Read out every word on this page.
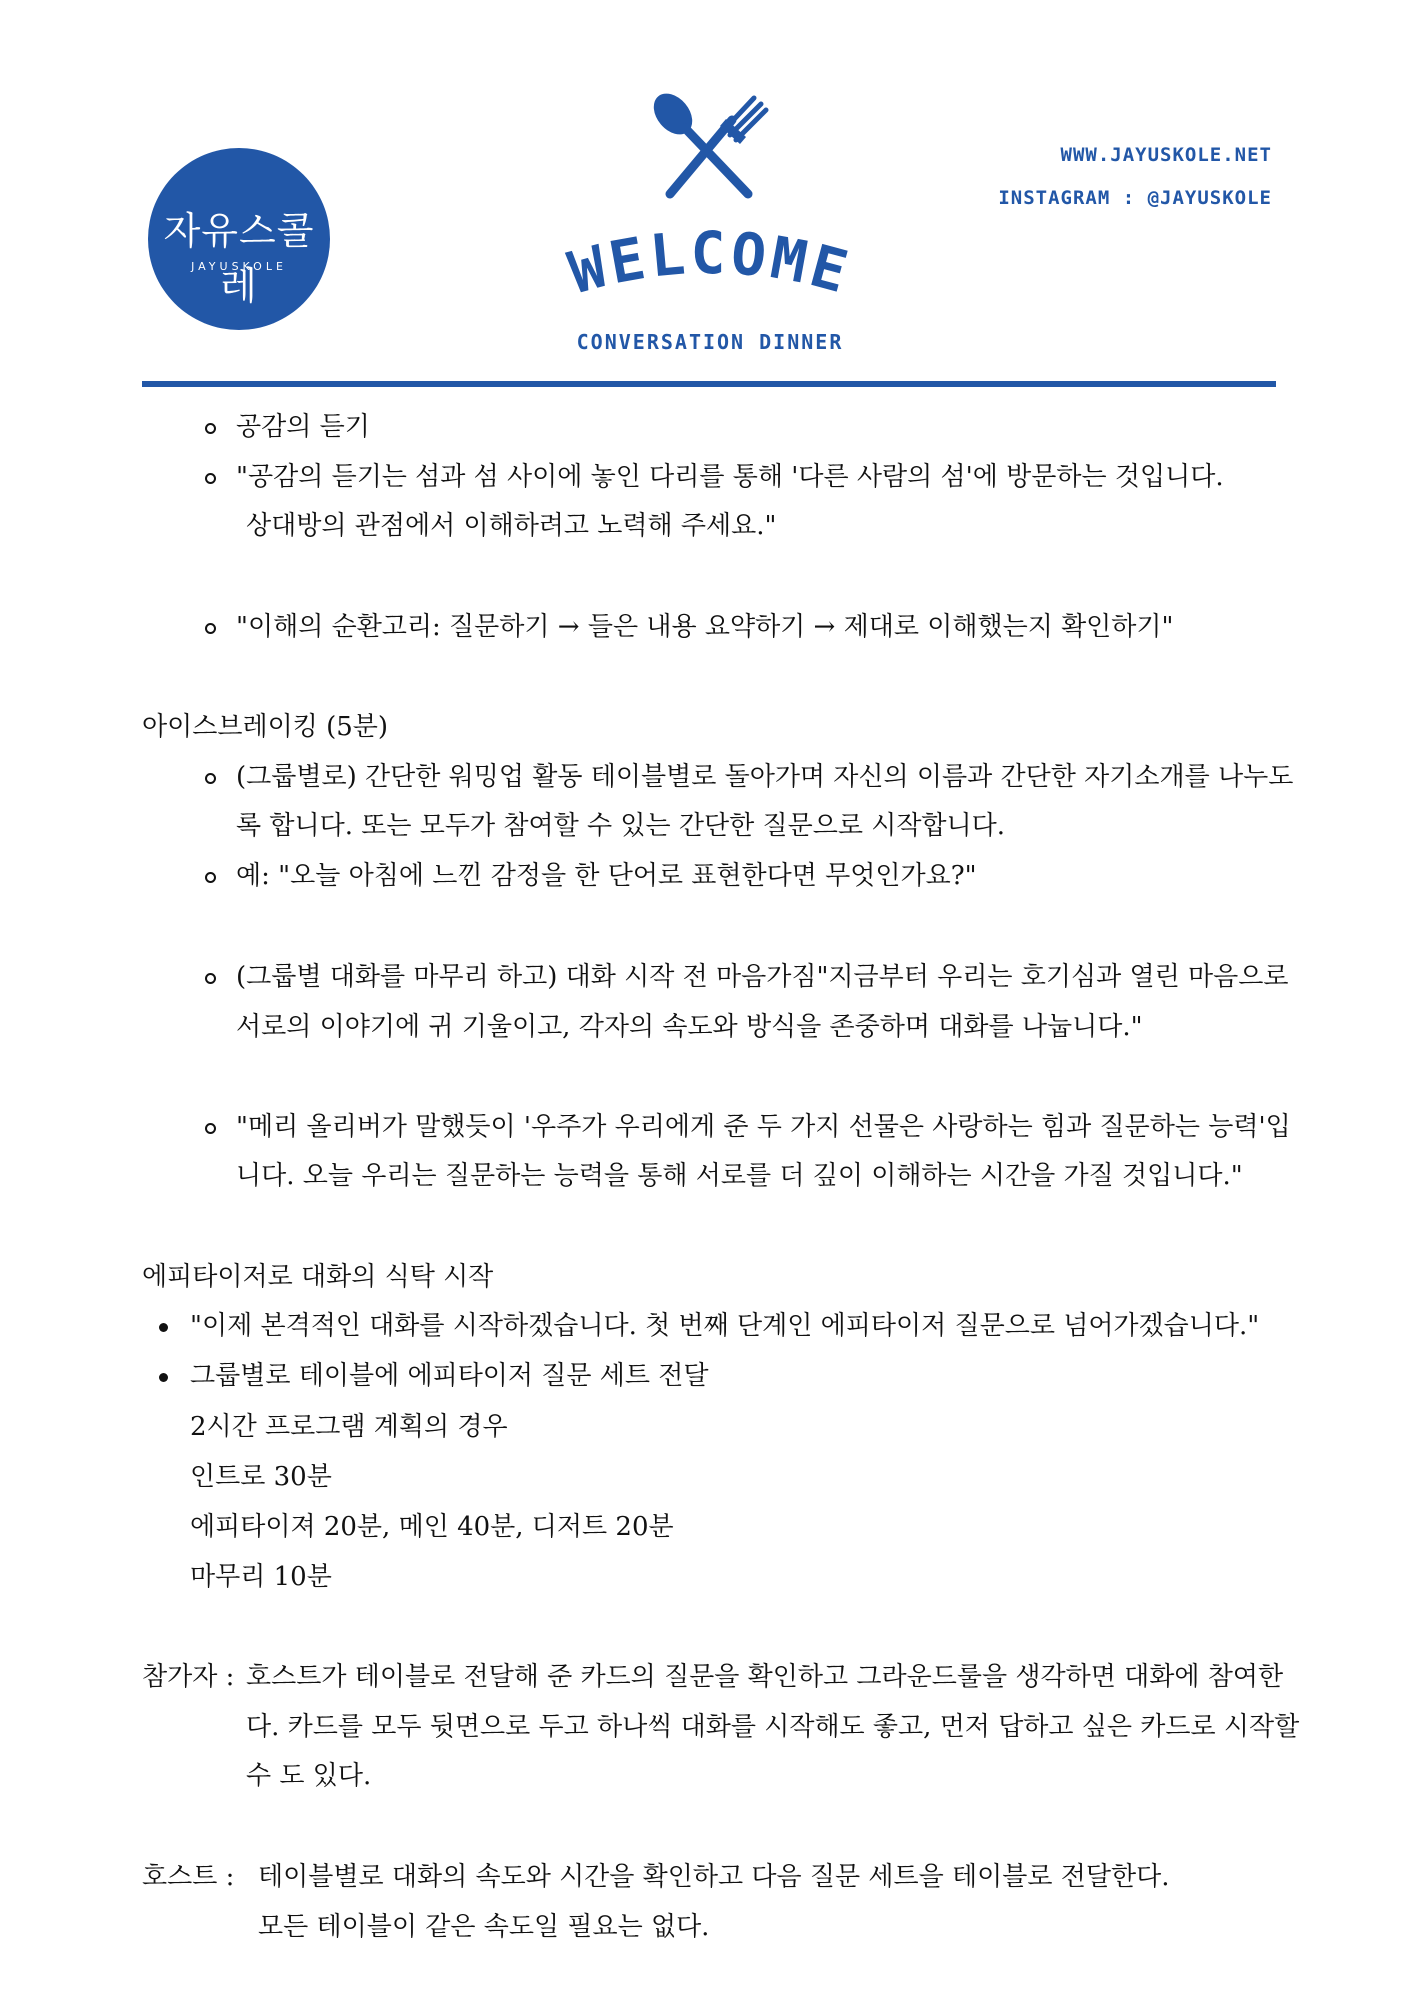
자유스콜레
JAYUSKOLE	WELCOME
CONVERSATION DINNER
WWW.JAYUSKOLE.NET
INSTAGRAM : @JAYUSKOLE
공감의 듣기
"공감의 듣기는 섬과 섬 사이에 놓인 다리를 통해 '다른 사람의 섬'에 방문하는 것입니다.
상대방의 관점에서 이해하려고 노력해 주세요."
"이해의 순환고리: 질문하기 → 들은 내용 요약하기 → 제대로 이해했는지 확인하기"
아이스브레이킹 (5분)
(그룹별로) 간단한 워밍업 활동 테이블별로 돌아가며 자신의 이름과 간단한 자기소개를 나누도
록 합니다. 또는 모두가 참여할 수 있는 간단한 질문으로 시작합니다.
예: "오늘 아침에 느낀 감정을 한 단어로 표현한다면 무엇인가요?"
(그룹별 대화를 마무리 하고) 대화 시작 전 마음가짐"지금부터 우리는 호기심과 열린 마음으로
서로의 이야기에 귀 기울이고, 각자의 속도와 방식을 존중하며 대화를 나눕니다."
"메리 올리버가 말했듯이 '우주가 우리에게 준 두 가지 선물은 사랑하는 힘과 질문하는 능력'입
니다. 오늘 우리는 질문하는 능력을 통해 서로를 더 깊이 이해하는 시간을 가질 것입니다."
에피타이저로 대화의 식탁 시작
"이제 본격적인 대화를 시작하겠습니다. 첫 번째 단계인 에피타이저 질문으로 넘어가겠습니다."
그룹별로 테이블에 에피타이저 질문 세트 전달
2시간 프로그램 계획의 경우
인트로 30분
에피타이져 20분, 메인 40분, 디저트 20분
마무리 10분
참가자 : 호스트가 테이블로 전달해 준 카드의 질문을 확인하고 그라운드룰을 생각하면 대화에 참여한
다. 카드를 모두 뒷면으로 두고 하나씩 대화를 시작해도 좋고, 먼저 답하고 싶은 카드로 시작할
수 도 있다.
호스트 : 테이블별로 대화의 속도와 시간을 확인하고 다음 질문 세트을 테이블로 전달한다.
모든 테이블이 같은 속도일 필요는 없다.
